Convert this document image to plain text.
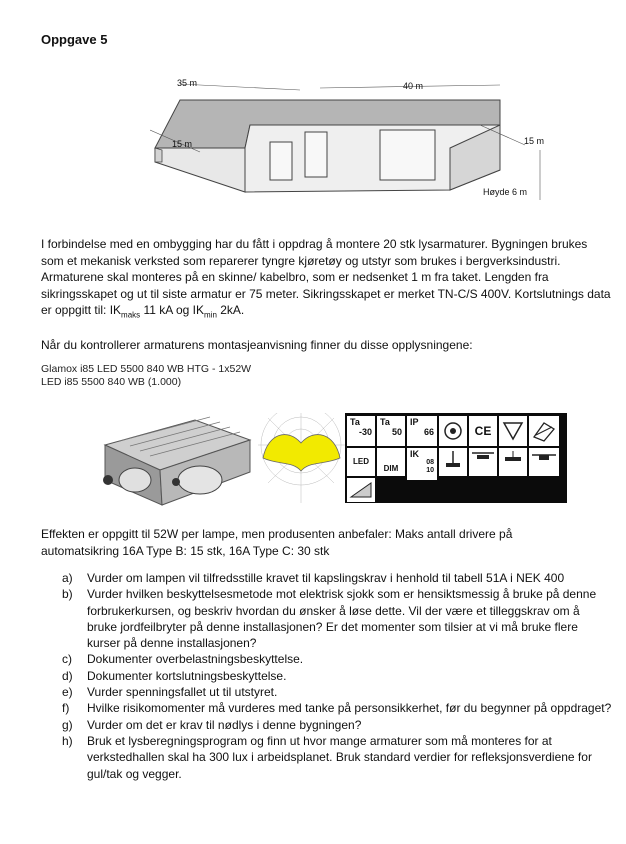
Oppgave 5
35 m	40 m
15 m	15 m
Høyde 6 m
I forbindelse med en ombygging har du fått i oppdrag å montere 20 stk lysarmaturer. Bygningen brukes som et mekanisk verksted som reparerer tyngre kjøretøy og utstyr som brukes i bergverksindustri. Armaturene skal monteres på en skinne/ kabelbro, som er nedsenket 1 m fra taket. Lengden fra sikringsskapet og ut til siste armatur er 75 meter. Sikringsskapet er merket TN-C/S 400V. Kortslutnings data er oppgitt til: $IK_{maks}$ 11 kA og $IK_{min}$ 2kA.
Når du kontrollerer armaturens montasjeanvisning finner du disse opplysningene:
Glamox i85 LED 5500 840 WB HTG - 1x52W
LED i85 5500 840 WB (1.000)
Ta
-30
Ta
50
IP
66	CE
LED
DIM
IK
08
10
Effekten er oppgitt til 52W per lampe, men produsenten anbefaler: Maks antall drivere på automatsikring 16A Type B: 15 stk, 16A Type C: 30 stk
a) Vurder om lampen vil tilfredsstille kravet til kapslingskrav i henhold til tabell 51A i NEK 400
b) Vurder hvilken beskyttelsesmetode mot elektrisk sjokk som er hensiktsmessig å bruke på denne forbrukerkursen, og beskriv hvordan du ønsker å løse dette. Vil der være et tilleggskrav om å bruke jordfeilbryter på denne installasjonen? Er det momenter som tilsier at vi må bruke flere kurser på denne installasjonen?
c) Dokumenter overbelastningsbeskyttelse.
d) Dokumenter kortslutningsbeskyttelse.
e) Vurder spenningsfallet ut til utstyret.
f) Hvilke risikomomenter må vurderes med tanke på personsikkerhet, før du begynner på oppdraget?
g) Vurder om det er krav til nødlys i denne bygningen?
h) Bruk et lysberegningsprogram og finn ut hvor mange armaturer som må monteres for at verkstedhallen skal ha 300 lux i arbeidsplanet. Bruk standard verdier for refleksjonsverdiene for gul/tak og vegger.
